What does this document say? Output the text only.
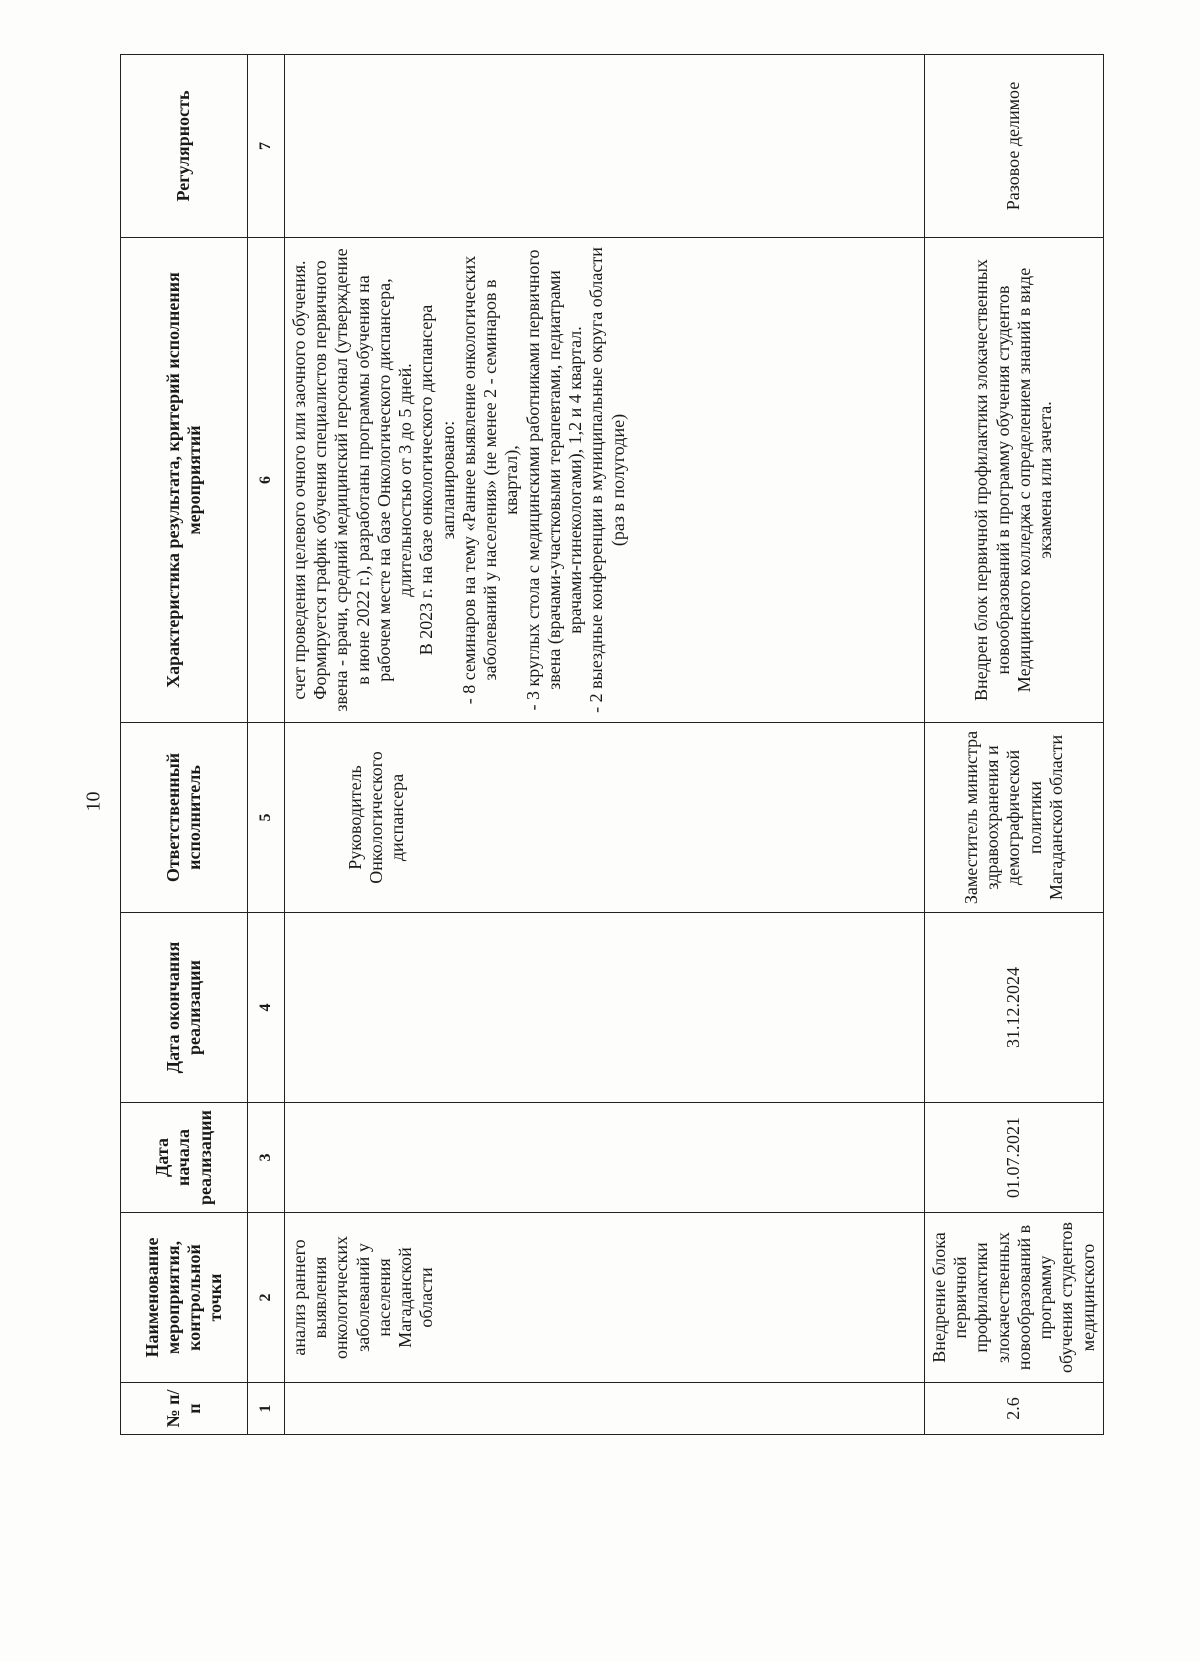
10
№ п/п	Наименование мероприятия, контрольной точки	Дата начала реализации	Дата окончания реализации	Ответственный исполнитель	Характеристика результата, критерий исполнения мероприятий	Регулярность
1	2	3	4	5	6	7
	анализ раннего выявления онкологических заболеваний у населения Магаданской области			Руководитель Онкологического диспансера	счет проведения целевого очного или заочного обучения. Формируется график обучения специалистов первичного звена - врачи, средний медицинский персонал (утверждение в июне 2022 г.), разработаны программы обучения на рабочем месте на базе Онкологического диспансера, длительностью от 3 до 5 дней. В 2023 г. на базе онкологического диспансера запланировано: - 8 семинаров на тему «Раннее выявление онкологических заболеваний у населения» (не менее 2 - семинаров в квартал), - 3 круглых стола с медицинскими работниками первичного звена (врачами-участковыми терапевтами, педиатрами врачами-гинекологами), 1,2 и 4 квартал. - 2 выездные конференции в муниципальные округа области (раз в полугодие)	

2.6	Внедрение блока первичной профилактики злокачественных новообразований в программу обучения студентов медицинского	01.07.2021	31.12.2024	Заместитель министра здравоохранения и демографической политики Магаданской области	Внедрен блок первичной профилактики злокачественных новообразований в программу обучения студентов Медицинского колледжа с определением знаний в виде экзамена или зачета.	Разовое делимое
